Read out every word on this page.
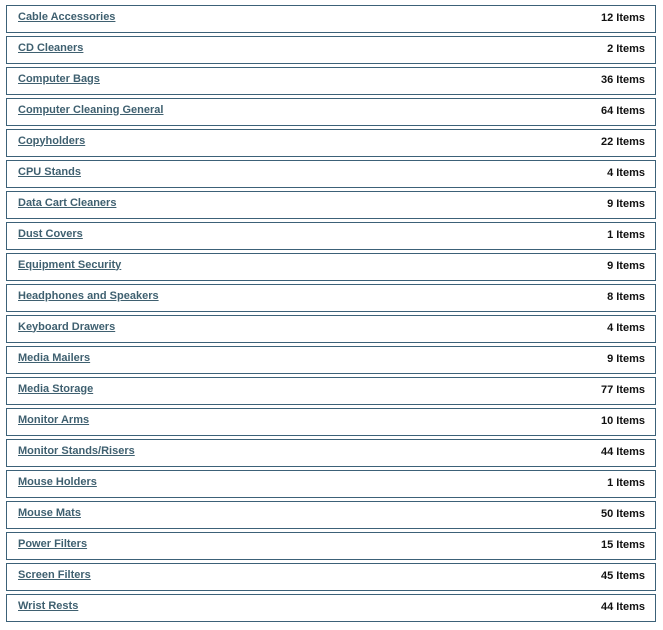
Cable Accessories	12 Items
CD Cleaners	2 Items
Computer Bags	36 Items
Computer Cleaning General	64 Items
Copyholders	22 Items
CPU Stands	4 Items
Data Cart Cleaners	9 Items
Dust Covers	1 Items
Equipment Security	9 Items
Headphones and Speakers	8 Items
Keyboard Drawers	4 Items
Media Mailers	9 Items
Media Storage	77 Items
Monitor Arms	10 Items
Monitor Stands/Risers	44 Items
Mouse Holders	1 Items
Mouse Mats	50 Items
Power Filters	15 Items
Screen Filters	45 Items
Wrist Rests	44 Items
